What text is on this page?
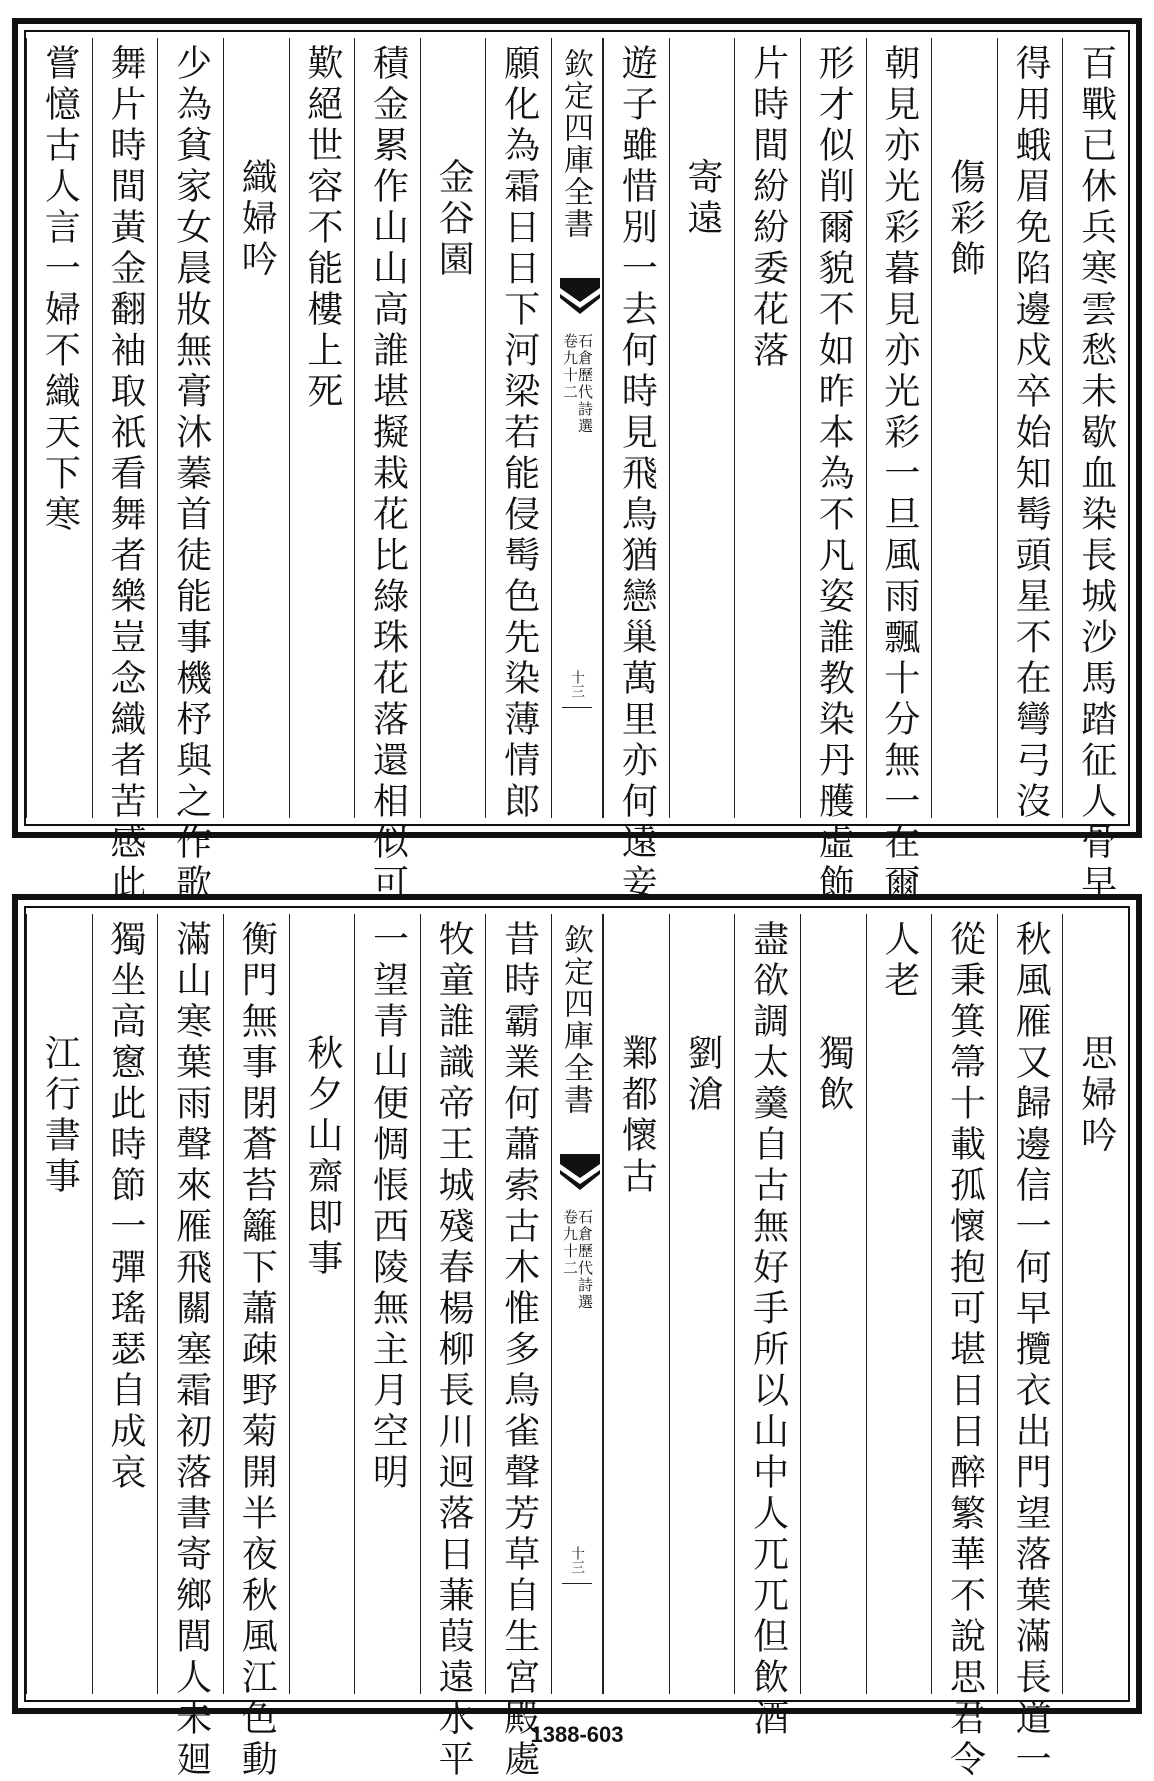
百戰已休兵寒雲愁未歇血染長城沙馬踏征人骨早
得用蛾眉免陷邊戍卒始知髩頭星不在彎弓沒
傷彩飾
朝見亦光彩暮見亦光彩一旦風雨飄十分無一在爾
形才似削爾貌不如昨本為不凡姿誰教染丹雘虛飾
片時間紛紛委花落
寄遠
遊子雖惜別一去何時見飛鳥猶戀巢萬里亦何遠妾
願化為霜日日下河梁若能侵髩色先染薄情郎
金谷園
積金累作山山高誰堪擬栽花比綠珠花落還相似可
歎絕世容不能樓上死
織婦吟
少為貧家女晨妝無膏沐蓁首徒能事機杼與之作歌
舞片時間黃金翻袖取祇看舞者樂豈念織者苦感此
嘗憶古人言一婦不織天下寒	欽定四庫全書
石倉歷代詩選
卷九十二
十三
思婦吟
秋風雁又歸邊信一何早攬衣出門望落葉滿長道一
從秉箕箒十載孤懷抱可堪日日醉繁華不說思君令
人老
獨飲
盡欲調太羹自古無好手所以山中人兀兀但飲酒
劉滄
鄴都懷古
昔時霸業何蕭索古木惟多鳥雀聲芳草自生宮殿處
牧童誰識帝王城殘春楊柳長川迥落日蒹葭遠水平
一望青山便惆悵西陵無主月空明
秋夕山齋即事
衡門無事閉蒼苔籬下蕭疎野菊開半夜秋風江色動
滿山寒葉雨聲來雁飛關塞霜初落書寄鄉閭人未廻
獨坐高窻此時節一彈瑤瑟自成哀
江行書事	欽定四庫全書
石倉歷代詩選
卷九十二
十三
1388-603
